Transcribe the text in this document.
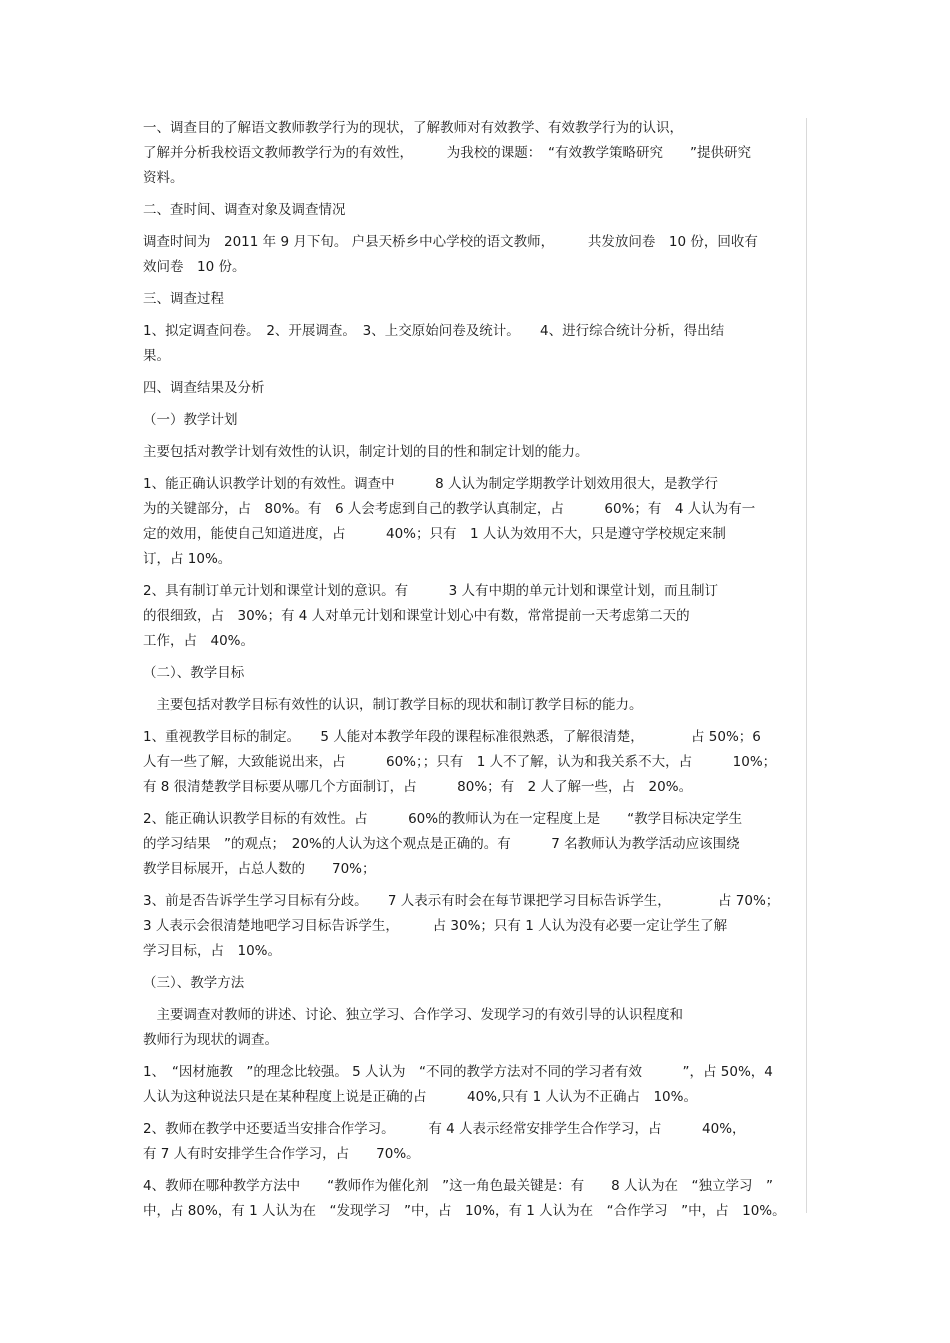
一、调查目的了解语文教师教学行为的现状，了解教师对有效教学、有效教学行为的认识，
了解并分析我校语文教师教学行为的有效性，　　　为我校的课题：　“有效教学策略研究　　”提供研究
资料。
二、查时间、调查对象及调查情况
调查时间为　2011 年 9 月下旬。 户县天桥乡中心学校的语文教师，　　　共发放问卷　10 份，回收有
效问卷　10 份。
三、调查过程
1、拟定调查问卷。　2、开展调查。　3、上交原始问卷及统计。　　4、进行综合统计分析，得出结
果。
四、调查结果及分析
（一）教学计划
主要包括对教学计划有效性的认识，制定计划的目的性和制定计划的能力。
1、能正确认识教学计划的有效性。调查中　　　8 人认为制定学期教学计划效用很大，是教学行
为的关键部分，占　80%。有　6 人会考虑到自己的教学认真制定，占　　　60%；有　4 人认为有一
定的效用，能使自己知道进度，占　　　40%；只有　1 人认为效用不大，只是遵守学校规定来制
订，占 10%。
2、具有制订单元计划和课堂计划的意识。有　　　3 人有中期的单元计划和课堂计划，而且制订
的很细致，占　30%；有 4 人对单元计划和课堂计划心中有数，常常提前一天考虑第二天的
工作，占　40%。
（二）、教学目标
　主要包括对教学目标有效性的认识，制订教学目标的现状和制订教学目标的能力。
1、重视教学目标的制定。　　5 人能对本教学年段的课程标准很熟悉，了解很清楚，　　　　占 50%；6
人有一些了解，大致能说出来，占　　　60%；；只有　1 人不了解，认为和我关系不大，占　　　10%；
有 8 很清楚教学目标要从哪几个方面制订，占　　　80%；有　2 人了解一些，占　20%。
2、能正确认识教学目标的有效性。占　　　60%的教师认为在一定程度上是　　“教学目标决定学生
的学习结果　”的观点；　20%的人认为这个观点是正确的。有　　　7 名教师认为教学活动应该围绕
教学目标展开，占总人数的　　70%；
3、前是否告诉学生学习目标有分歧。　　7 人表示有时会在每节课把学习目标告诉学生，　　　　占 70%；
3 人表示会很清楚地吧学习目标告诉学生，　　　占 30%；只有 1 人认为没有必要一定让学生了解
学习目标，占　10%。
（三）、教学方法
　主要调查对教师的讲述、讨论、独立学习、合作学习、发现学习的有效引导的认识程度和
教师行为现状的调查。
1、　“因材施教　”的理念比较强。 5 人认为　“不同的教学方法对不同的学习者有效　　　”，占 50%，4
人认为这种说法只是在某种程度上说是正确的占　　　40%,只有 1 人认为不正确占　10%。
2、教师在教学中还要适当安排合作学习。　　　有 4 人表示经常安排学生合作学习，占　　　40%，
有 7 人有时安排学生合作学习，占　　70%。
4、教师在哪种教学方法中　　“教师作为催化剂　”这一角色最关键是：有　　8 人认为在　“独立学习　”
中，占 80%，有 1 人认为在　“发现学习　”中，占　10%，有 1 人认为在　“合作学习　”中，占　10%。
